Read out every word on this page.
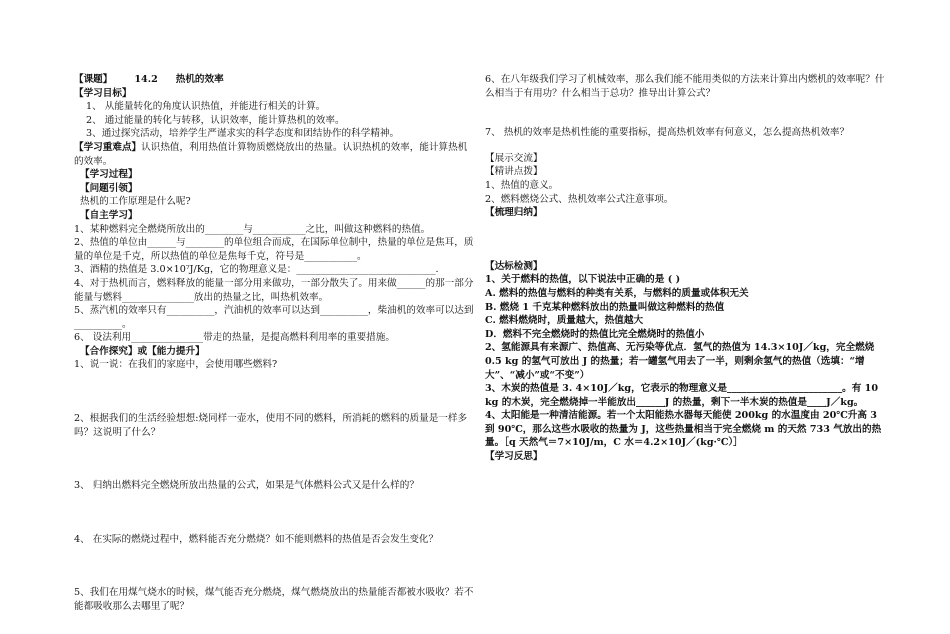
【课题】 14.2 热机的效率

【学习目标】

1、 从能量转化的角度认识热值，并能进行相关的计算。

2、 通过能量的转化与转移，认识效率，能计算热机的效率。

3、通过探究活动，培养学生严谨求实的科学态度和团结协作的科学精神。

【学习重难点】认识热值，利用热值计算物质燃烧放出的热量。认识热机的效率，能计算热机的效率。

【学习过程】

【问题引领】

热机的工作原理是什么呢?

【自主学习】

1、某种燃料完全燃烧所放出的________与___________之比，叫做这种燃料的热值。

2、热值的单位由______与________的单位组合而成，在国际单位制中，热量的单位是焦耳，质量的单位是千克，所以热值的单位是焦每千克，符号是___________。

3、酒精的热值是 3.0×10⁷J/Kg，它的物理意义是：_____________________________.

4、对于热机而言，燃料释放的能量一部分用来做功，一部分散失了。用来做______的那一部分能量与燃料_______________放出的热量之比，叫热机效率。

5、蒸汽机的效率只有__________，汽油机的效率可以达到__________，柴油机的效率可以达到__________。

6、 设法利用_______________带走的热量，是提高燃料利用率的重要措施。

【合作探究】或【能力提升】

1、说一说：在我们的家庭中，会使用哪些燃料?

2、根据我们的生活经验想想:烧同样一壶水，使用不同的燃料，所消耗的燃料的质量是一样多吗？这说明了什么？

3、 归纳出燃料完全燃烧所放出热量的公式，如果是气体燃料公式又是什么样的？

4、 在实际的燃烧过程中，燃料能否充分燃烧？如不能则燃料的热值是否会发生变化？

5、我们在用煤气烧水的时候，煤气能否充分燃烧，煤气燃烧放出的热量能否都被水吸收？若不能都吸收那么去哪里了呢？

6、在八年级我们学习了机械效率，那么我们能不能用类似的方法来计算出内燃机的效率呢？什么相当于有用功？什么相当于总功？推导出计算公式？

7、 热机的效率是热机性能的重要指标，提高热机效率有何意义，怎么提高热机效率？

【展示交流】

【精讲点拨】

1、热值的意义。

2、燃料燃烧公式、热机效率公式注意事项。

【梳理归纳】

【达标检测】

1、关于燃料的热值，以下说法中正确的是 ( )

A. 燃料的热值与燃料的种类有关系，与燃料的质量或体积无关

B. 燃烧 1 千克某种燃料放出的热量叫做这种燃料的热值

C. 燃料燃烧时，质量越大，热值越大

D．燃料不完全燃烧时的热值比完全燃烧时的热值小

2、氢能源具有来源广、热值高、无污染等优点．氢气的热值为 14.3×10J／kg，完全燃烧 0.5 kg 的氢气可放出 J 的热量；若一罐氢气用去了一半，则剩余氢气的热值（选填：“增大”、“减小”或“不变”）

3、木炭的热值是 3. 4×10J／kg，它表示的物理意义是________________________。有 10 kg 的木炭，完全燃烧掉一半能放出______J 的热量，剩下一半木炭的热值是____J／kg。

4、太阳能是一种清洁能源。若一个太阳能热水器每天能使 200kg 的水温度由 20℃升高 3 到 90℃，那么这些水吸收的热量为 J，这些热量相当于完全燃烧 m 的天然 733 气放出的热量。［q 天然气＝7×10J/m，C 水＝4.2×10J／(kg·℃）］

【学习反思】
